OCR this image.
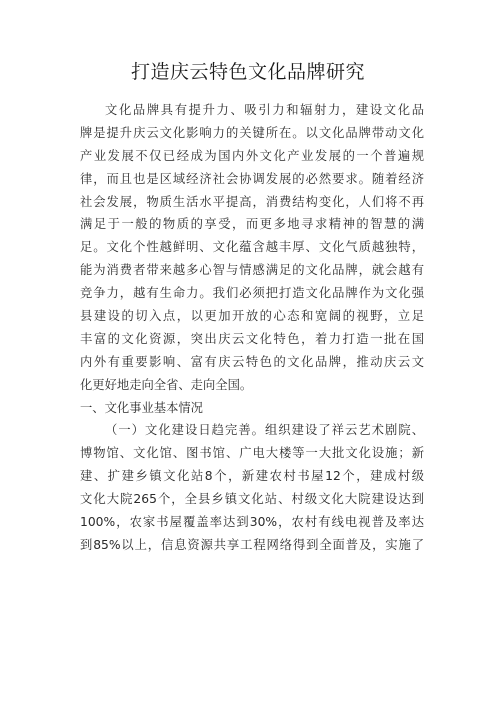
打造庆云特色文化品牌研究
文化品牌具有提升力、吸引力和辐射力，建设文化品
牌是提升庆云文化影响力的关键所在。以文化品牌带动文化
产业发展不仅已经成为国内外文化产业发展的一个普遍规
律，而且也是区域经济社会协调发展的必然要求。随着经济
社会发展，物质生活水平提高，消费结构变化，人们将不再
满足于一般的物质的享受，而更多地寻求精神的智慧的满
足。文化个性越鲜明、文化蕴含越丰厚、文化气质越独特，
能为消费者带来越多心智与情感满足的文化品牌，就会越有
竞争力，越有生命力。我们必须把打造文化品牌作为文化强
县建设的切入点，以更加开放的心态和宽阔的视野，立足
丰富的文化资源，突出庆云文化特色，着力打造一批在国
内外有重要影响、富有庆云特色的文化品牌，推动庆云文
化更好地走向全省、走向全国。
一、文化事业基本情况
（一）文化建设日趋完善。组织建设了祥云艺术剧院、
博物馆、文化馆、图书馆、广电大楼等一大批文化设施；新
建、扩建乡镇文化站8个，新建农村书屋12个，建成村级
文化大院265个，全县乡镇文化站、村级文化大院建设达到
100%，农家书屋覆盖率达到30%，农村有线电视普及率达
到85%以上，信息资源共享工程网络得到全面普及，实施了
